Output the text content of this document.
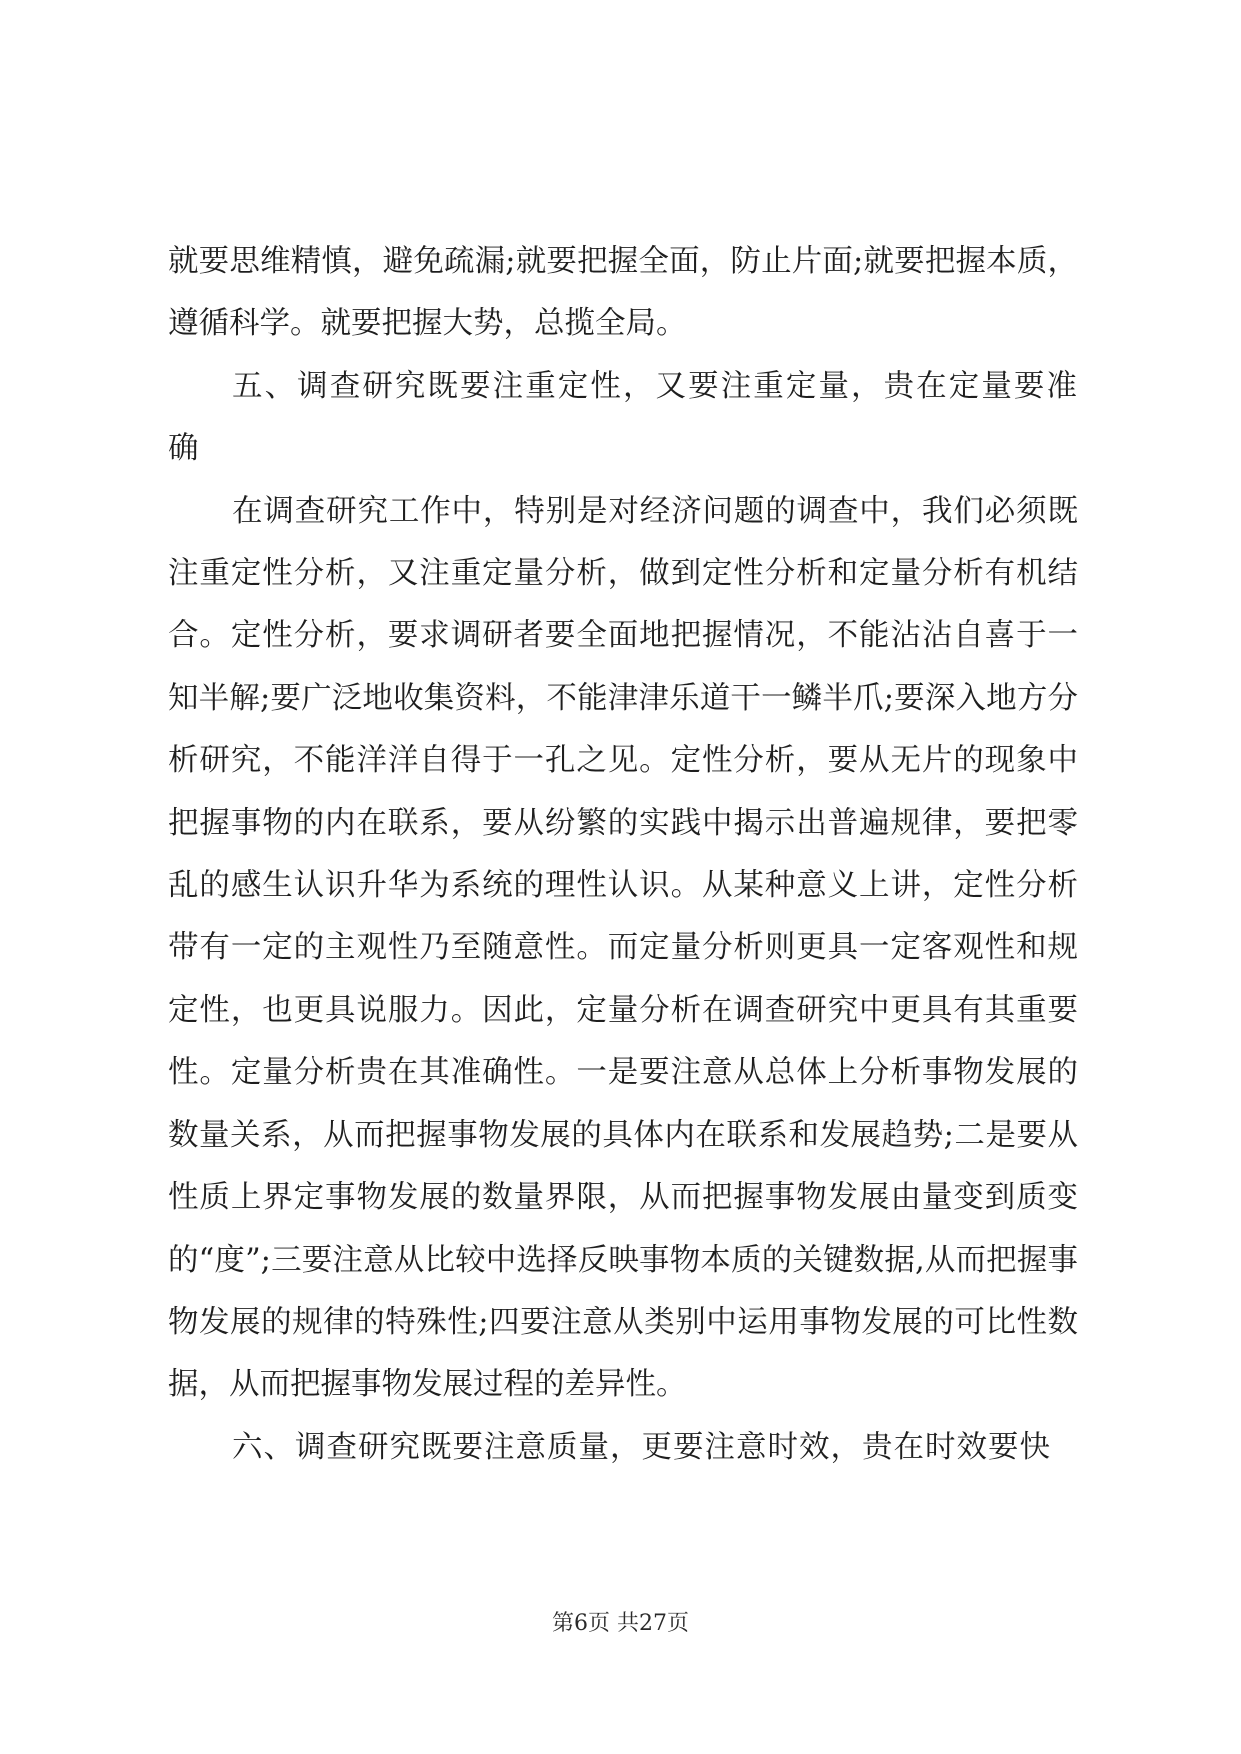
就要思维精慎，避免疏漏;就要把握全面，防止片面;就要把握本质，遵循科学。就要把握大势，总揽全局。

五、调查研究既要注重定性，又要注重定量，贵在定量要准确

在调查研究工作中，特别是对经济问题的调查中，我们必须既注重定性分析，又注重定量分析，做到定性分析和定量分析有机结合。定性分析，要求调研者要全面地把握情况，不能沾沾自喜于一知半解;要广泛地收集资料，不能津津乐道干一鳞半爪;要深入地方分析研究，不能洋洋自得于一孔之见。定性分析，要从无片的现象中把握事物的内在联系，要从纷繁的实践中揭示出普遍规律，要把零乱的感生认识升华为系统的理性认识。从某种意义上讲，定性分析带有一定的主观性乃至随意性。而定量分析则更具一定客观性和规定性，也更具说服力。因此，定量分析在调查研究中更具有其重要性。定量分析贵在其准确性。一是要注意从总体上分析事物发展的数量关系，从而把握事物发展的具体内在联系和发展趋势;二是要从性质上界定事物发展的数量界限，从而把握事物发展由量变到质变的“度”;三要注意从比较中选择反映事物本质的关键数据,从而把握事物发展的规律的特殊性;四要注意从类别中运用事物发展的可比性数据，从而把握事物发展过程的差异性。

六、调查研究既要注意质量，更要注意时效，贵在时效要快

第6页 共27页
